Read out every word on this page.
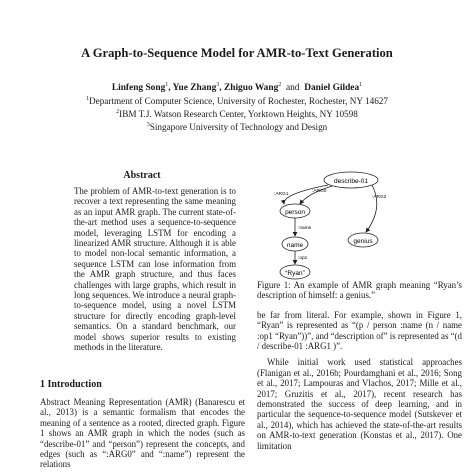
A Graph-to-Sequence Model for AMR-to-Text Generation
Linfeng Song$^1$, Yue Zhang$^3$, Zhiguo Wang$^2$ and Daniel Gildea$^1$
$^1$Department of Computer Science, University of Rochester, Rochester, NY 14627
$^2$IBM T.J. Watson Research Center, Yorktown Heights, NY 10598
$^3$Singapore University of Technology and Design
Abstract

The problem of AMR-to-text generation is to recover a text representing the same meaning as an input AMR graph. The current state-of-the-art method uses a sequence-to-sequence model, leveraging LSTM for encoding a linearized AMR structure. Although it is able to model non-local semantic information, a sequence LSTM can lose information from the AMR graph structure, and thus faces challenges with large graphs, which result in long sequences. We introduce a neural graph-to-sequence model, using a novel LSTM structure for directly encoding graph-level semantics. On a standard benchmark, our model shows superior results to existing methods in the literature.

1 Introduction

Abstract Meaning Representation (AMR) (Banarescu et al., 2013) is a semantic formalism that encodes the meaning of a sentence as a rooted, directed graph. Figure 1 shows an AMR graph in which the nodes (such as “describe-01” and “person”) represent the concepts, and edges (such as “:ARG0” and “:name”) represent the relations

describe-01
person
name
“Ryan”
genius
:ARG0
:ARG1
:ARG2
:name
:op1

Figure 1: An example of AMR graph meaning “Ryan’s description of himself: a genius.”

be far from literal. For example, shown in Figure 1, “Ryan” is represented as “(p / person :name (n / name :op1 “Ryan”))”, and “description of” is represented as “(d / describe-01 :ARG1 )”.

While initial work used statistical approaches (Flanigan et al., 2016b; Pourdamghani et al., 2016; Song et al., 2017; Lampouras and Vlachos, 2017; Mille et al., 2017; Gruzitis et al., 2017), recent research has demonstrated the success of deep learning, and in particular the sequence-to-sequence model (Sutskever et al., 2014), which has achieved the state-of-the-art results on AMR-to-text generation (Konstas et al., 2017). One limitation
